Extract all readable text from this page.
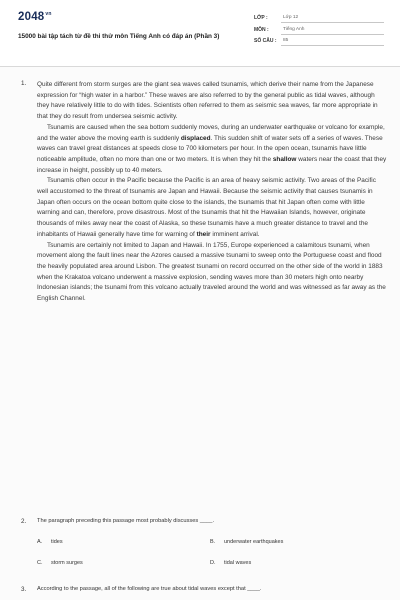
$2048^{vn}$
15000 bài tập tách từ đề thi thử môn Tiếng Anh có đáp án (Phần 3)
LỚP :	Lớp 12
MÔN :	Tiếng Anh
SỐ CÂU :	85
1. Quite different from storm surges are the giant sea waves called tsunamis, which derive their name from the Japanese expression for “high water in a harbor.” These waves are also referred to by the general public as tidal waves, although they have relatively little to do with tides. Scientists often referred to them as seismic sea waves, far more appropriate in that they do result from undersea seismic activity.

Tsunamis are caused when the sea bottom suddenly moves, during an underwater earthquake or volcano for example, and the water above the moving earth is suddenly displaced. This sudden shift of water sets off a series of waves. These waves can travel great distances at speeds close to 700 kilometers per hour. In the open ocean, tsunamis have little noticeable amplitude, often no more than one or two meters. It is when they hit the shallow waters near the coast that they increase in height, possibly up to 40 meters.

Tsunamis often occur in the Pacific because the Pacific is an area of heavy seismic activity. Two areas of the Pacific well accustomed to the threat of tsunamis are Japan and Hawaii. Because the seismic activity that causes tsunamis in Japan often occurs on the ocean bottom quite close to the islands, the tsunamis that hit Japan often come with little warning and can, therefore, prove disastrous. Most of the tsunamis that hit the Hawaiian Islands, however, originate thousands of miles away near the coast of Alaska, so these tsunamis have a much greater distance to travel and the inhabitants of Hawaii generally have time for warning of their imminent arrival.

Tsunamis are certainly not limited to Japan and Hawaii. In 1755, Europe experienced a calamitous tsunami, when movement along the fault lines near the Azores caused a massive tsunami to sweep onto the Portuguese coast and flood the heavily populated area around Lisbon. The greatest tsunami on record occurred on the other side of the world in 1883 when the Krakatoa volcano underwent a massive explosion, sending waves more than 30 meters high onto nearby Indonesian islands; the tsunami from this volcano actually traveled around the world and was witnessed as far away as the English Channel.

2. The paragraph preceding this passage most probably discusses ____.
A. tides	B. underwater earthquakes
C. storm surges	D. tidal waves
3. According to the passage, all of the following are true about tidal waves except that ____.
